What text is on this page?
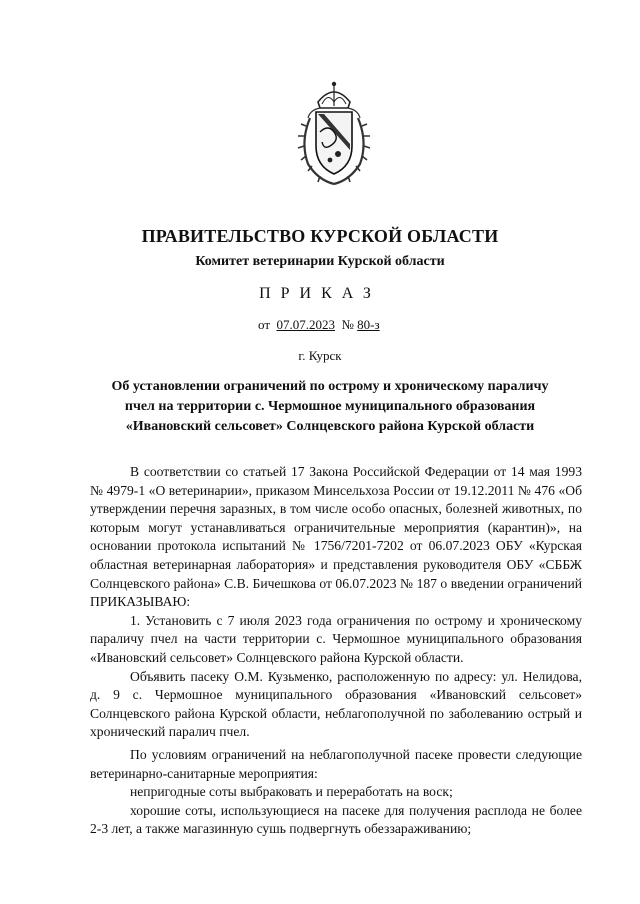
ПРАВИТЕЛЬСТВО КУРСКОЙ ОБЛАСТИ
Комитет ветеринарии Курской области
ПРИКАЗ
от 07.07.2023 № 80-з
г. Курск
Об установлении ограничений по острому и хроническому параличу
пчел на территории с. Чермошное муниципального образования
«Ивановский сельсовет» Солнцевского района Курской области

В соответствии со статьей 17 Закона Российской Федерации от 14 мая 1993 № 4979-1 «О ветеринарии», приказом Минсельхоза России от 19.12.2011 № 476 «Об утверждении перечня заразных, в том числе особо опасных, болезней животных, по которым могут устанавливаться ограничительные мероприятия (карантин)», на основании протокола испытаний № 1756/7201-7202 от 06.07.2023 ОБУ «Курская областная ветеринарная лаборатория» и представления руководителя ОБУ «СББЖ Солнцевского района» С.В. Бичешкова от 06.07.2023 № 187 о введении ограничений ПРИКАЗЫВАЮ:

1. Установить с 7 июля 2023 года ограничения по острому и хроническому параличу пчел на части территории с. Чермошное муниципального образования «Ивановский сельсовет» Солнцевского района Курской области.

Объявить пасеку О.М. Кузьменко, расположенную по адресу: ул. Нелидова, д. 9 с. Чермошное муниципального образования «Ивановский сельсовет» Солнцевского района Курской области, неблагополучной по заболеванию острый и хронический паралич пчел.

По условиям ограничений на неблагополучной пасеке провести следующие ветеринарно-санитарные мероприятия:

непригодные соты выбраковать и переработать на воск;

хорошие соты, использующиеся на пасеке для получения расплода не более 2-3 лет, а также магазинную сушь подвергнуть обеззараживанию;
